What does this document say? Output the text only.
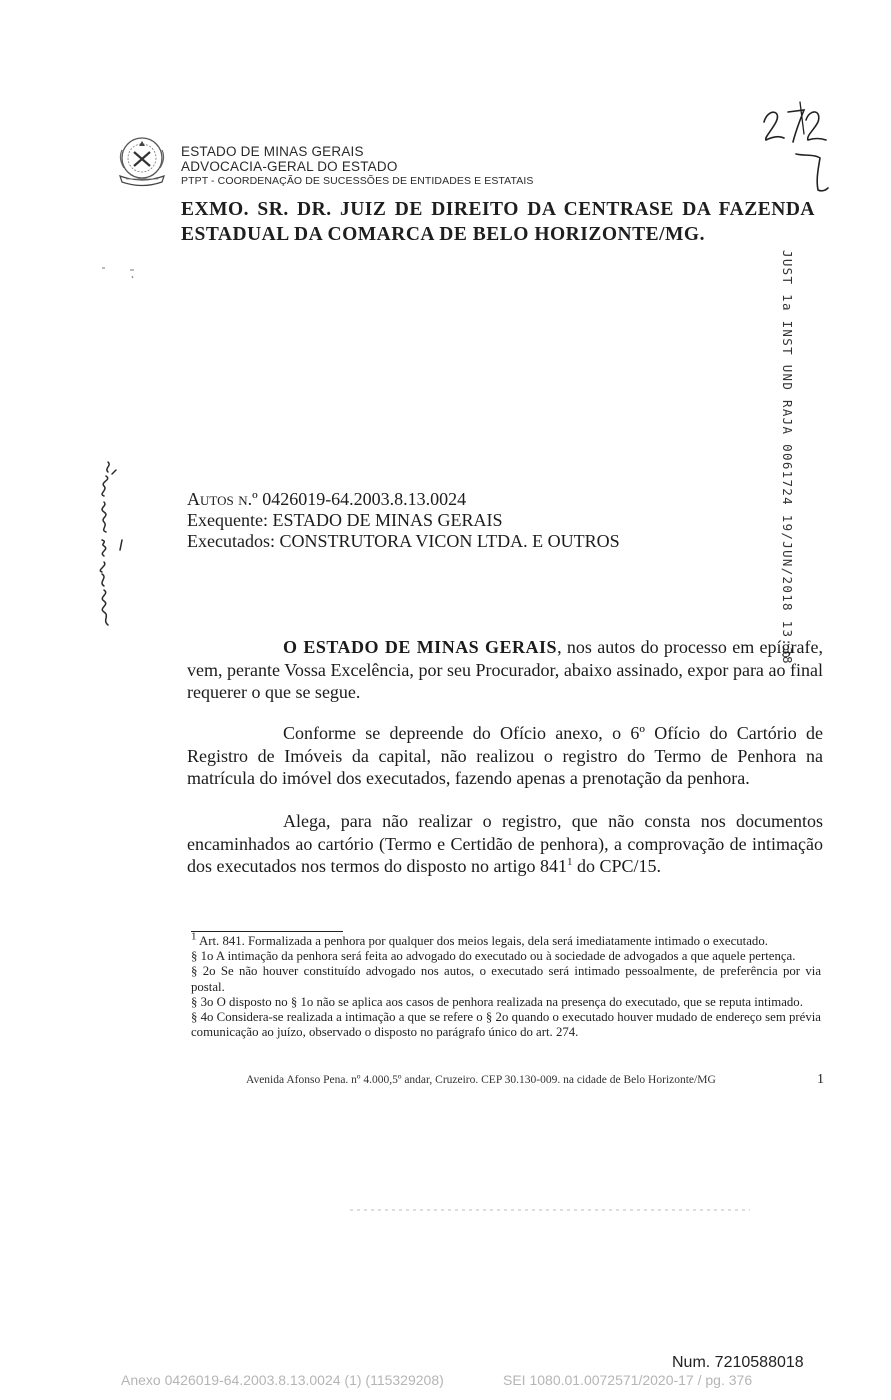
ESTADO DE MINAS GERAIS
ADVOCACIA-GERAL DO ESTADO
PTPT - COORDENAÇÃO DE SUCESSÕES DE ENTIDADES E ESTATAIS
EXMO. SR. DR. JUIZ DE DIREITO DA CENTRASE DA FAZENDA ESTADUAL DA COMARCA DE BELO HORIZONTE/MG.
JUST 1a INST UND RAJA 0061724 19/JUN/2018 13:38
Autos n.º 0426019-64.2003.8.13.0024
Exequente: ESTADO DE MINAS GERAIS
Executados: CONSTRUTORA VICON LTDA. E OUTROS
O ESTADO DE MINAS GERAIS, nos autos do processo em epígrafe, vem, perante Vossa Excelência, por seu Procurador, abaixo assinado, expor para ao final requerer o que se segue.
Conforme se depreende do Ofício anexo, o 6º Ofício do Cartório de Registro de Imóveis da capital, não realizou o registro do Termo de Penhora na matrícula do imóvel dos executados, fazendo apenas a prenotação da penhora.
Alega, para não realizar o registro, que não consta nos documentos encaminhados ao cartório (Termo e Certidão de penhora), a comprovação de intimação dos executados nos termos do disposto no artigo $841^1$ do CPC/15.

$^1$ Art. 841. Formalizada a penhora por qualquer dos meios legais, dela será imediatamente intimado o executado.

§ 1o A intimação da penhora será feita ao advogado do executado ou à sociedade de advogados a que aquele pertença.

§ 2o Se não houver constituído advogado nos autos, o executado será intimado pessoalmente, de preferência por via postal.

§ 3o O disposto no § 1o não se aplica aos casos de penhora realizada na presença do executado, que se reputa intimado.

§ 4o Considera-se realizada a intimação a que se refere o § 2o quando o executado houver mudado de endereço sem prévia comunicação ao juízo, observado o disposto no parágrafo único do art. 274.

Avenida Afonso Pena. nº 4.000,5º andar, Cruzeiro. CEP 30.130-009. na cidade de Belo Horizonte/MG	1
Num. 7210588018
Anexo 0426019-64.2003.8.13.0024 (1) (115329208)	SEI 1080.01.0072571/2020-17 / pg. 376
